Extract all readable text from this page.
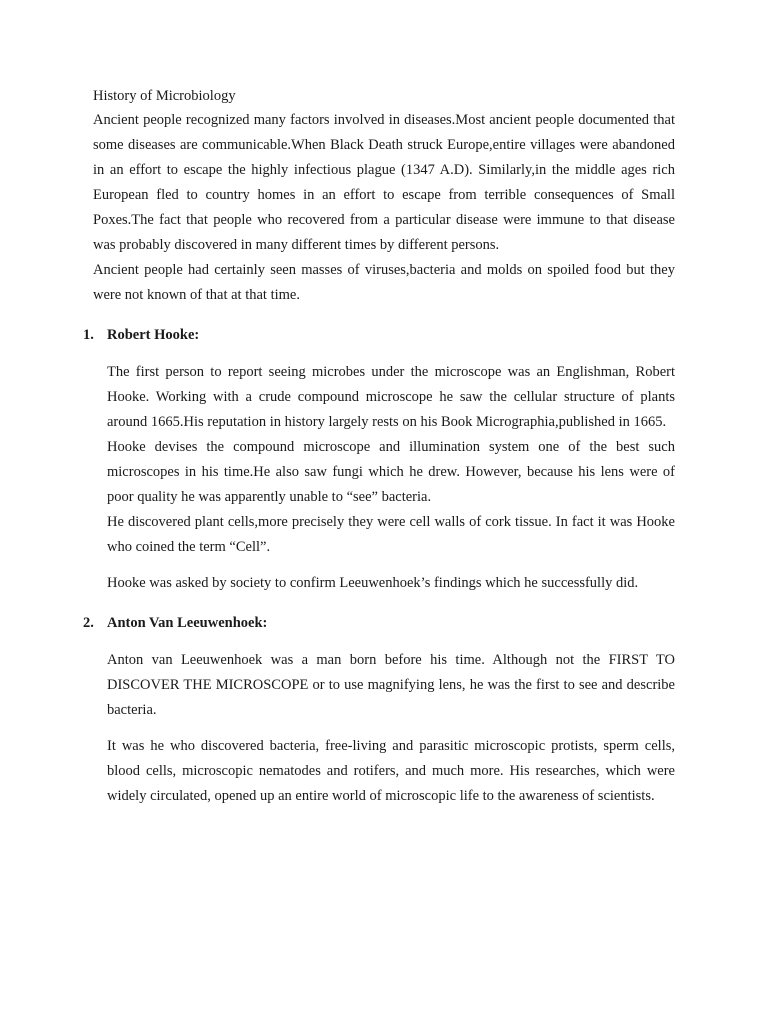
History of Microbiology

Ancient people recognized many factors involved in diseases.Most ancient people documented that some diseases are communicable.When Black Death struck Europe,entire villages were abandoned in an effort to escape the highly infectious plague (1347 A.D). Similarly,in the middle ages rich European fled to country homes in an effort to escape from terrible consequences of Small Poxes.The fact that people who recovered from a particular disease were immune to that disease was probably discovered in many different times by different persons.

Ancient people had certainly seen masses of viruses,bacteria and molds on spoiled food but they were not known of that at that time.

1. Robert Hooke:

The first person to report seeing microbes under the microscope was an Englishman, Robert Hooke. Working with a crude compound microscope he saw the cellular structure of plants around 1665.His reputation in history largely rests on his Book Micrographia,published in 1665.

Hooke devises the compound microscope and illumination system one of the best such microscopes in his time.He also saw fungi which he drew. However, because his lens were of poor quality he was apparently unable to “see” bacteria.

He discovered plant cells,more precisely they were cell walls of cork tissue. In fact it was Hooke who coined the term “Cell”.

Hooke was asked by society to confirm Leeuwenhoek’s findings which he successfully did.

2. Anton Van Leeuwenhoek:

Anton van Leeuwenhoek was a man born before his time. Although not the FIRST TO DISCOVER THE MICROSCOPE or to use magnifying lens, he was the first to see and describe bacteria.

It was he who discovered bacteria, free-living and parasitic microscopic protists, sperm cells, blood cells, microscopic nematodes and rotifers, and much more. His researches, which were widely circulated, opened up an entire world of microscopic life to the awareness of scientists.
